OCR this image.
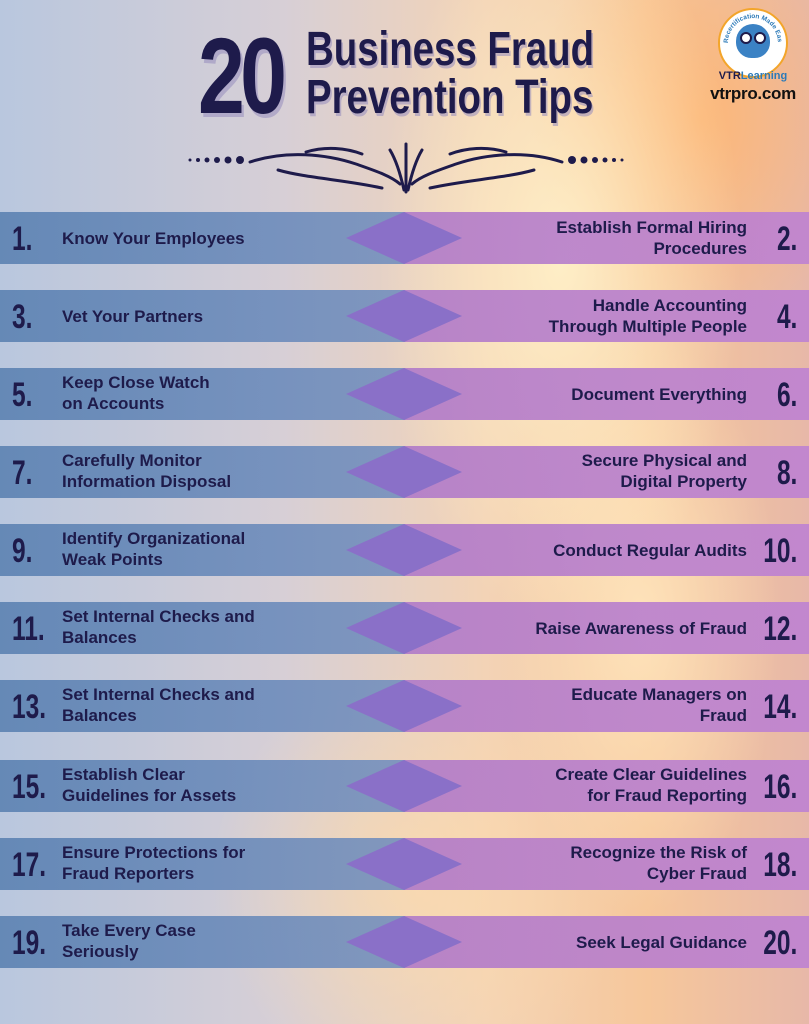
20 Business Fraud
Prevention Tips
Recertification Made Eas
VTRLearning
vtrpro.com
1. Know Your Employees
Establish Formal Hiring
Procedures 2.
3. Vet Your Partners
Handle Accounting
Through Multiple People 4.
5. Keep Close Watch
on Accounts	Document Everything 6.
7. Carefully Monitor
Information Disposal
Secure Physical and
Digital Property 8.
9. Identify Organizational
Weak Points	Conduct Regular Audits 10.
11. Set Internal Checks and
Balances	Raise Awareness of Fraud 12.
13. Set Internal Checks and
Balances
Educate Managers on
Fraud 14.
15. Establish Clear
Guidelines for Assets
Create Clear Guidelines
for Fraud Reporting 16.
17. Ensure Protections for
Fraud Reporters
Recognize the Risk of
Cyber Fraud 18.
19. Take Every Case
Seriously	Seek Legal Guidance 20.
